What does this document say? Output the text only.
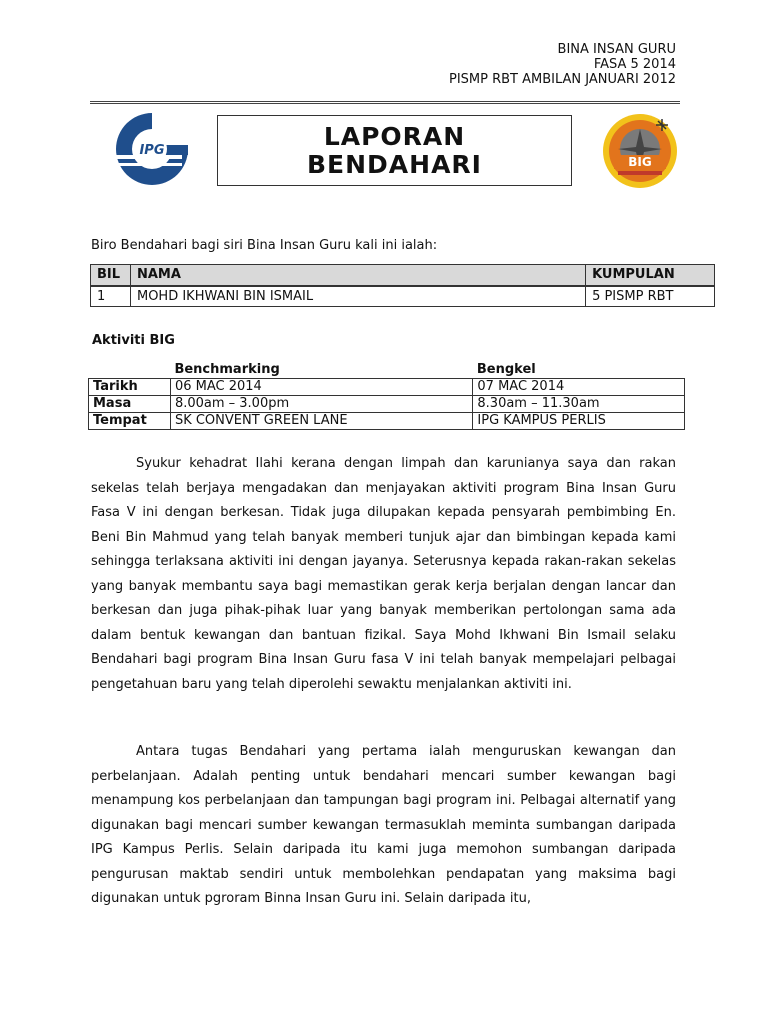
BINA INSAN GURU
FASA 5 2014
PISMP RBT AMBILAN JANUARI 2012
IPG
BIG
LAPORAN
BENDAHARI
Biro Bendahari bagi siri Bina Insan Guru kali ini ialah:
BIL	NAMA	KUMPULAN
1	MOHD IKHWANI BIN ISMAIL	5 PISMP RBT
Aktiviti BIG
	Benchmarking	Bengkel
Tarikh	06 MAC 2014	07 MAC 2014
Masa	8.00am – 3.00pm	8.30am – 11.30am
Tempat	SK CONVENT GREEN LANE	IPG KAMPUS PERLIS

Syukur kehadrat Ilahi kerana dengan limpah dan karunianya saya dan rakan sekelas telah berjaya mengadakan dan menjayakan aktiviti program Bina Insan Guru Fasa V ini dengan berkesan. Tidak juga dilupakan kepada pensyarah pembimbing En. Beni Bin Mahmud yang telah banyak memberi tunjuk ajar dan bimbingan kepada kami sehingga terlaksana aktiviti ini dengan jayanya. Seterusnya kepada rakan-rakan sekelas yang banyak membantu saya bagi memastikan gerak kerja berjalan dengan lancar dan berkesan dan juga pihak-pihak luar yang banyak memberikan pertolongan sama ada dalam bentuk kewangan dan bantuan fizikal. Saya Mohd Ikhwani Bin Ismail selaku Bendahari bagi program Bina Insan Guru fasa V ini telah banyak mempelajari pelbagai pengetahuan baru yang telah diperolehi sewaktu menjalankan aktiviti ini.

Antara tugas Bendahari yang pertama ialah menguruskan kewangan dan perbelanjaan. Adalah penting untuk bendahari mencari sumber kewangan bagi menampung kos perbelanjaan dan tampungan bagi program ini. Pelbagai alternatif yang digunakan bagi mencari sumber kewangan termasuklah meminta sumbangan daripada IPG Kampus Perlis. Selain daripada itu kami juga memohon sumbangan daripada pengurusan maktab sendiri untuk membolehkan pendapatan yang maksima bagi digunakan untuk pgroram Binna Insan Guru ini. Selain daripada itu,
